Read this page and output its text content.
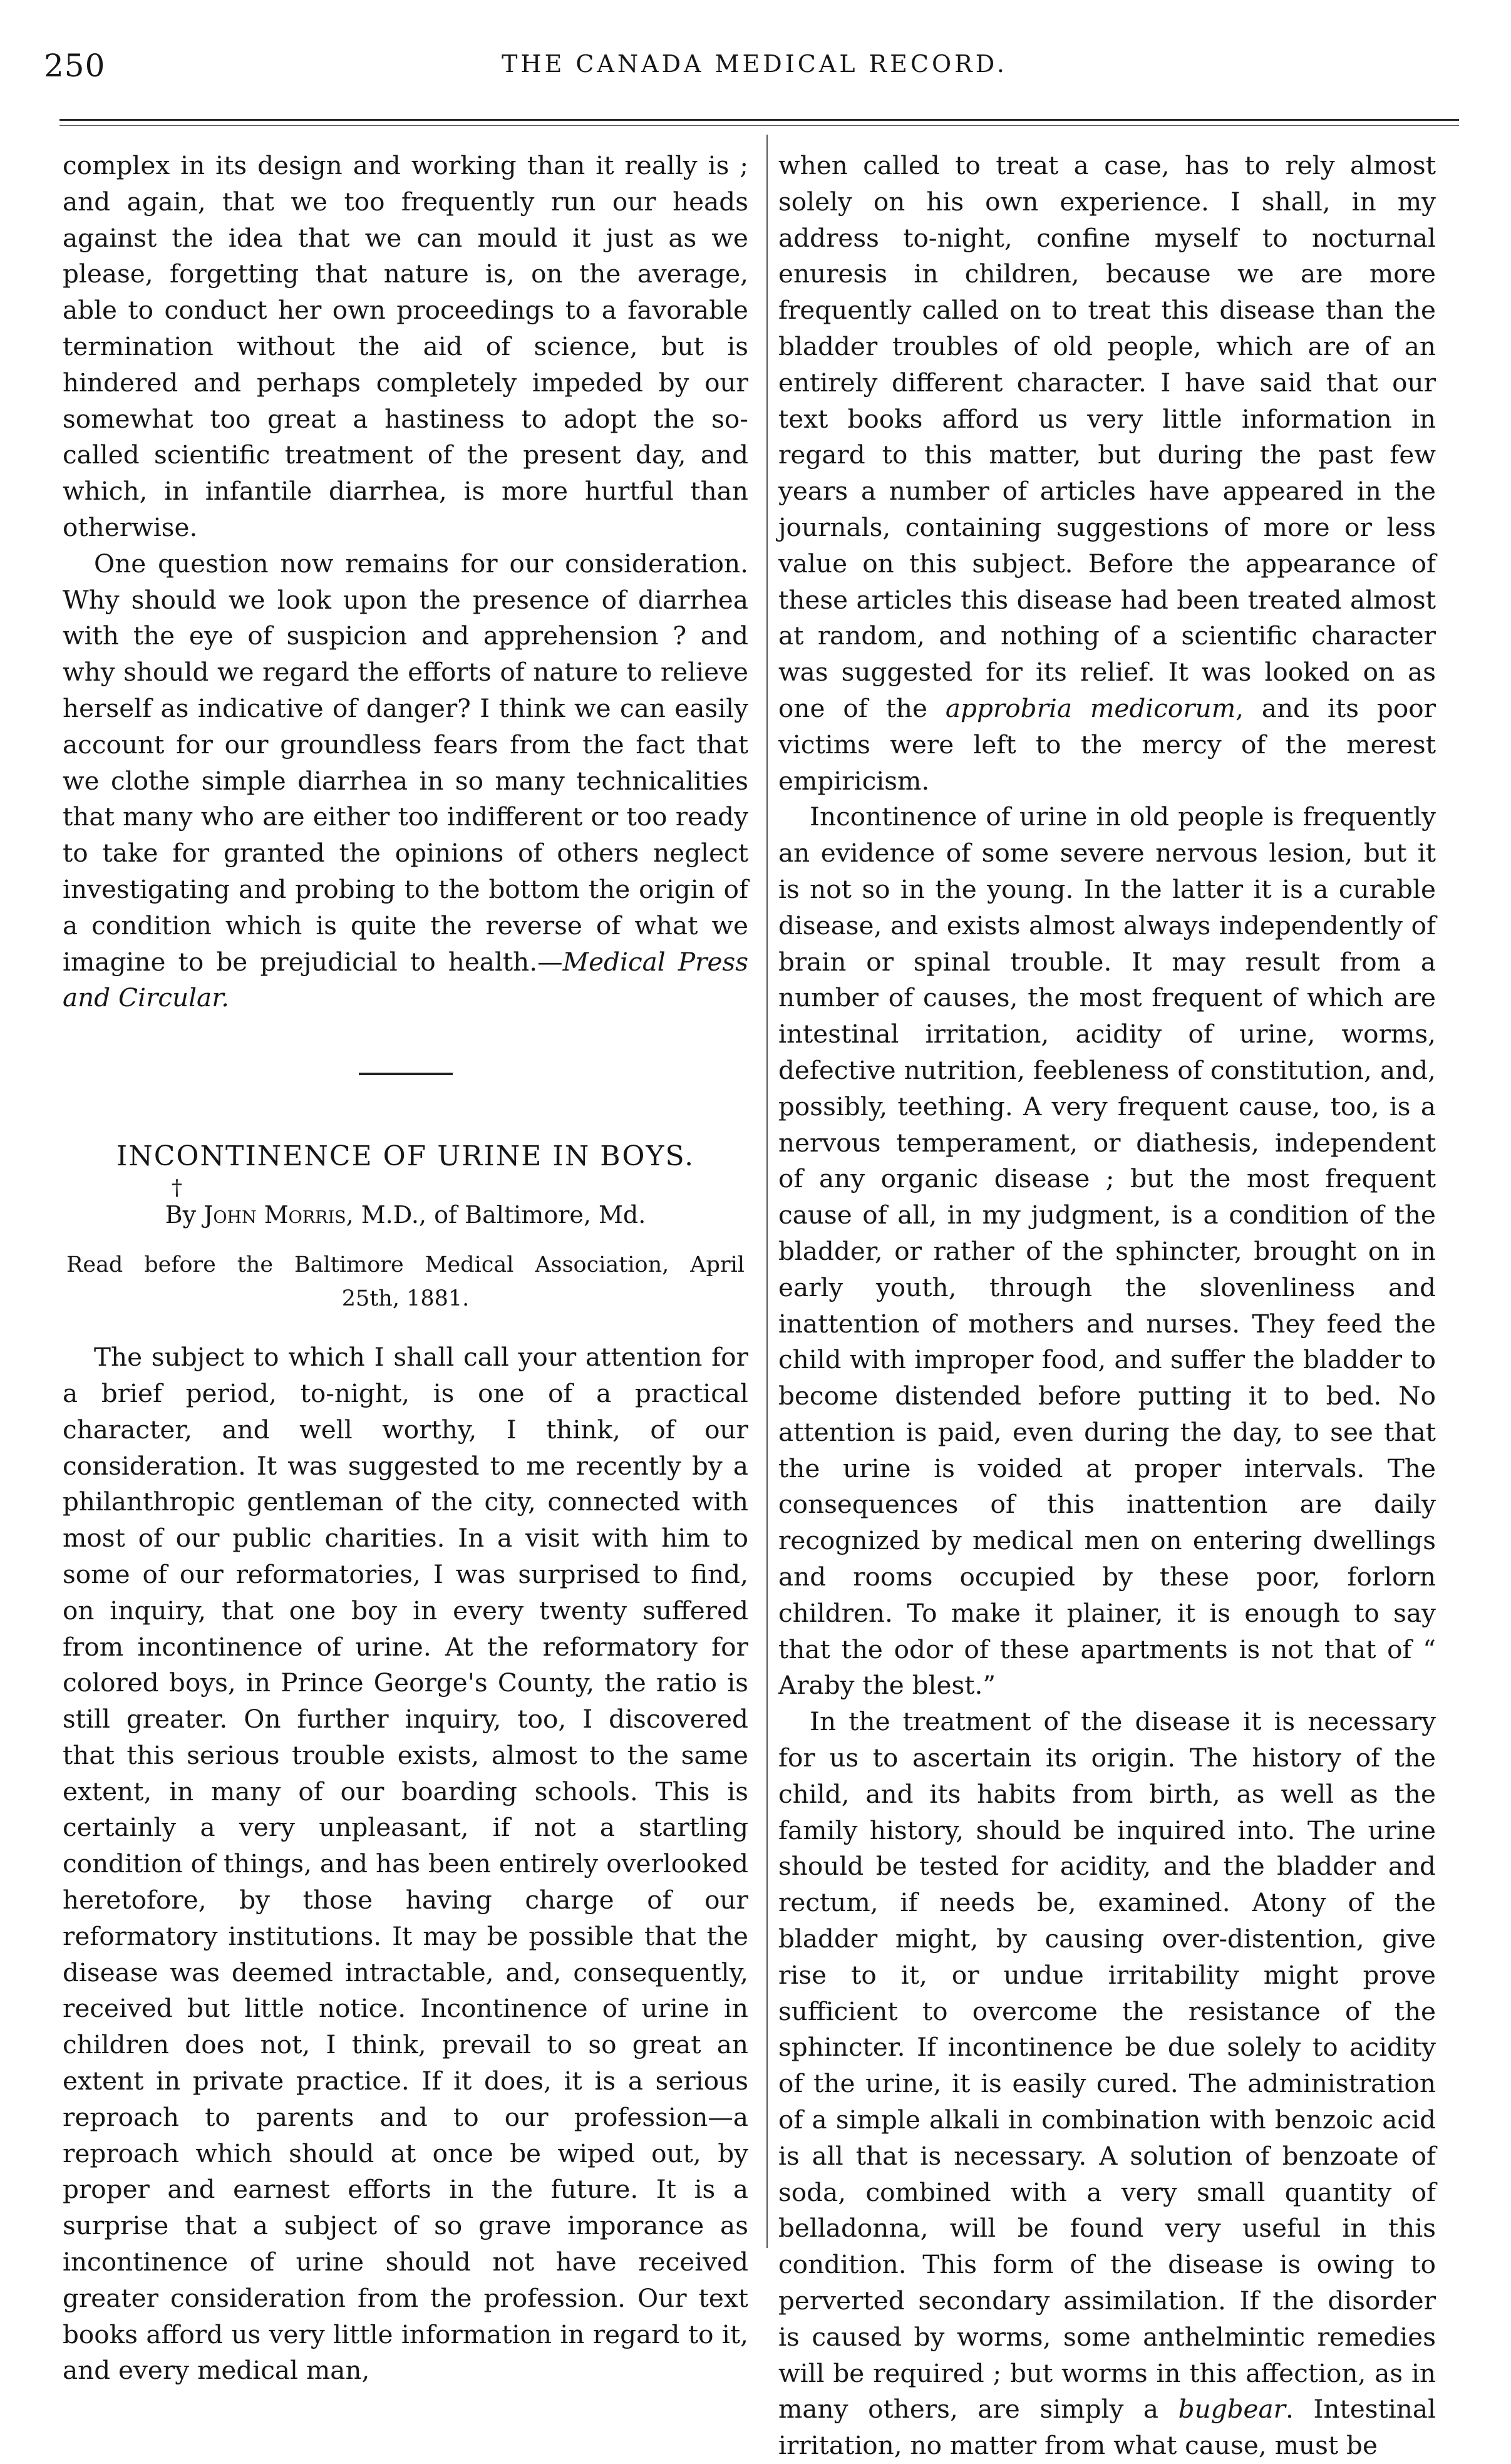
250	THE CANADA MEDICAL RECORD.

complex in its design and working than it really is ; and again, that we too frequently run our heads against the idea that we can mould it just as we please, forgetting that nature is, on the average, able to conduct her own proceedings to a favorable termination without the aid of science, but is hindered and perhaps completely impeded by our somewhat too great a hastiness to adopt the so-called scientific treatment of the present day, and which, in infantile diarrhea, is more hurtful than otherwise.

One question now remains for our consideration. Why should we look upon the presence of diarrhea with the eye of suspicion and apprehension ? and why should we regard the efforts of nature to relieve herself as indicative of danger? I think we can easily account for our groundless fears from the fact that we clothe simple diarrhea in so many technicalities that many who are either too indifferent or too ready to take for granted the opinions of others neglect investigating and probing to the bottom the origin of a condition which is quite the reverse of what we imagine to be prejudicial to health.—Medical Press and Circular.

INCONTINENCE OF URINE IN BOYS.
†
By John Morris, M.D., of Baltimore, Md.
Read before the Baltimore Medical Association, April
25th, 1881.

The subject to which I shall call your attention for a brief period, to-night, is one of a practical character, and well worthy, I think, of our consideration. It was suggested to me recently by a philanthropic gentleman of the city, connected with most of our public charities. In a visit with him to some of our reformatories, I was surprised to find, on inquiry, that one boy in every twenty suffered from incontinence of urine. At the reformatory for colored boys, in Prince George's County, the ratio is still greater. On further inquiry, too, I discovered that this serious trouble exists, almost to the same extent, in many of our boarding schools. This is certainly a very unpleasant, if not a startling condition of things, and has been entirely overlooked heretofore, by those having charge of our reformatory institutions. It may be possible that the disease was deemed intractable, and, consequently, received but little notice. Incontinence of urine in children does not, I think, prevail to so great an extent in private practice. If it does, it is a serious reproach to parents and to our profession—a reproach which should at once be wiped out, by proper and earnest efforts in the future. It is a surprise that a subject of so grave imporance as incontinence of urine should not have received greater consideration from the profession. Our text books afford us very little information in regard to it, and every medical man,

when called to treat a case, has to rely almost solely on his own experience. I shall, in my address to-night, confine myself to nocturnal enuresis in children, because we are more frequently called on to treat this disease than the bladder troubles of old people, which are of an entirely different character. I have said that our text books afford us very little information in regard to this matter, but during the past few years a number of articles have appeared in the journals, containing suggestions of more or less value on this subject. Before the appearance of these articles this disease had been treated almost at random, and nothing of a scientific character was suggested for its relief. It was looked on as one of the approbria medicorum, and its poor victims were left to the mercy of the merest empiricism.

Incontinence of urine in old people is frequently an evidence of some severe nervous lesion, but it is not so in the young. In the latter it is a curable disease, and exists almost always independently of brain or spinal trouble. It may result from a number of causes, the most frequent of which are intestinal irritation, acidity of urine, worms, defective nutrition, feebleness of constitution, and, possibly, teething. A very frequent cause, too, is a nervous temperament, or diathesis, independent of any organic disease ; but the most frequent cause of all, in my judgment, is a condition of the bladder, or rather of the sphincter, brought on in early youth, through the slovenliness and inattention of mothers and nurses. They feed the child with improper food, and suffer the bladder to become distended before putting it to bed. No attention is paid, even during the day, to see that the urine is voided at proper intervals. The consequences of this inattention are daily recognized by medical men on entering dwellings and rooms occupied by these poor, forlorn children. To make it plainer, it is enough to say that the odor of these apartments is not that of “ Araby the blest.”

In the treatment of the disease it is necessary for us to ascertain its origin. The history of the child, and its habits from birth, as well as the family history, should be inquired into. The urine should be tested for acidity, and the bladder and rectum, if needs be, examined. Atony of the bladder might, by causing over-distention, give rise to it, or undue irritability might prove sufficient to overcome the resistance of the sphincter. If incontinence be due solely to acidity of the urine, it is easily cured. The administration of a simple alkali in combination with benzoic acid is all that is necessary. A solution of benzoate of soda, combined with a very small quantity of belladonna, will be found very useful in this condition. This form of the disease is owing to perverted secondary assimilation. If the disorder is caused by worms, some anthelmintic remedies will be required ; but worms in this affection, as in many others, are simply a bugbear. Intestinal irritation, no matter from what cause, must be
